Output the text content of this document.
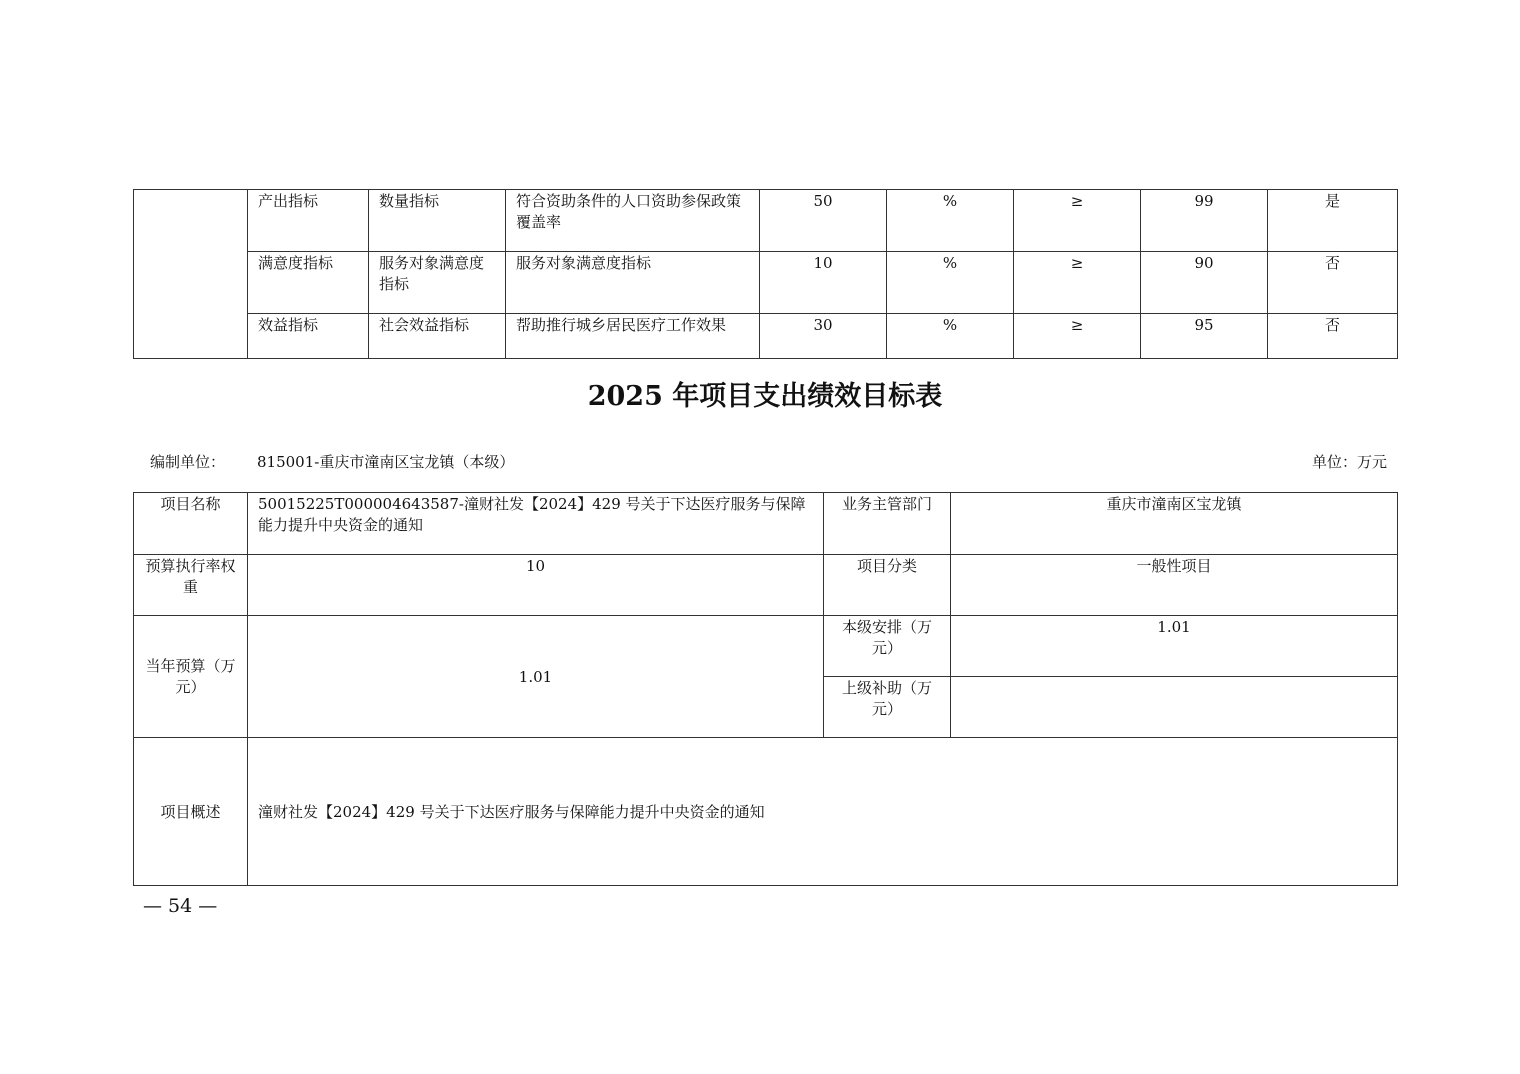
	产出指标	数量指标	符合资助条件的人口资助参保政策覆盖率	50	%	≥	99	是
	满意度指标	服务对象满意度指标	服务对象满意度指标	10	%	≥	90	否
	效益指标	社会效益指标	帮助推行城乡居民医疗工作效果	30	%	≥	95	否
2025 年项目支出绩效目标表
编制单位： 815001-重庆市潼南区宝龙镇（本级）	单位：万元
项目名称	50015225T000004643587-潼财社发【2024】429 号关于下达医疗服务与保障能力提升中央资金的通知	业务主管部门	重庆市潼南区宝龙镇
预算执行率权重	10	项目分类	一般性项目
当年预算（万元）	1.01	本级安排（万元）	1.01
		上级补助（万元）	
项目概述	潼财社发【2024】429 号关于下达医疗服务与保障能力提升中央资金的通知		
— 54 —
